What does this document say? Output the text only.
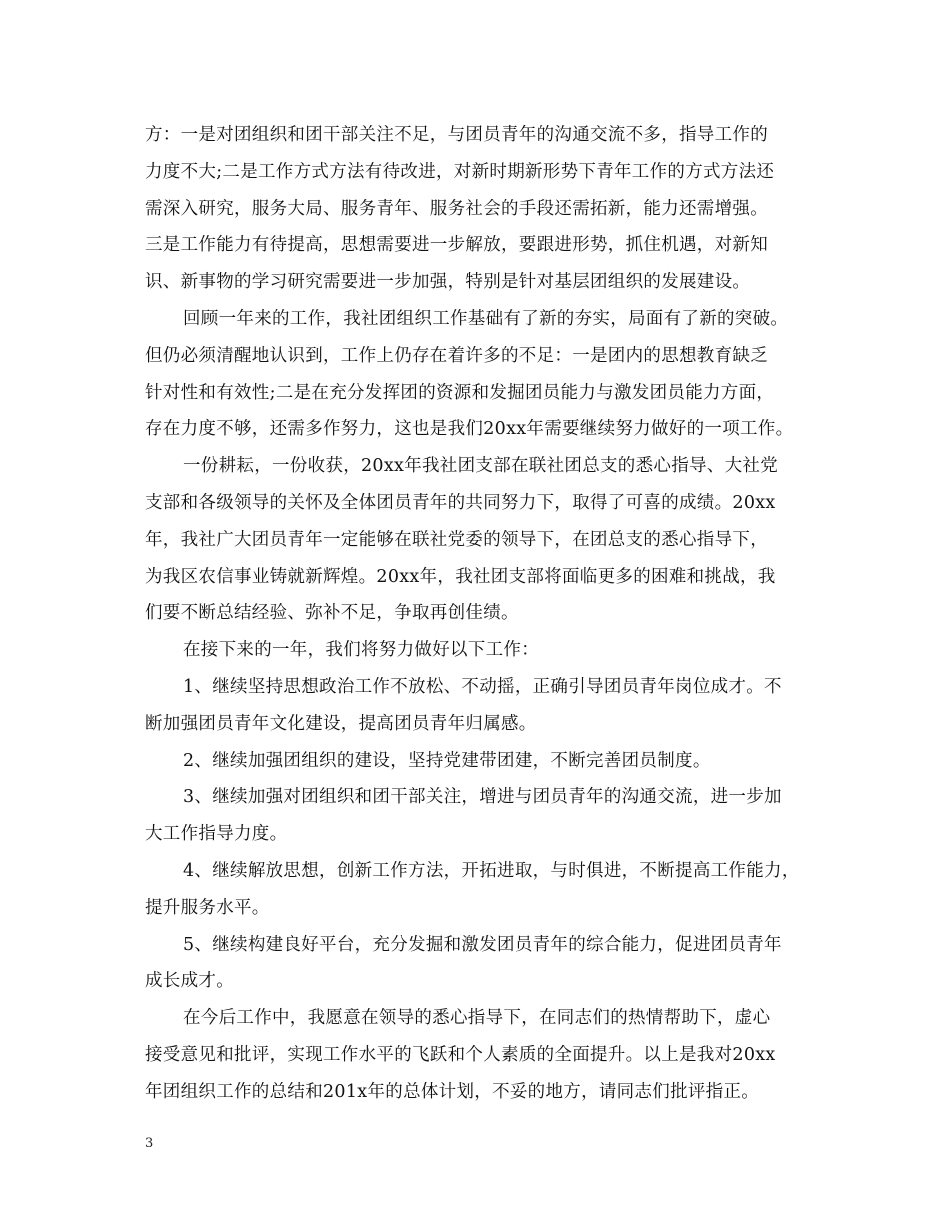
方：一是对团组织和团干部关注不足，与团员青年的沟通交流不多，指导工作的
力度不大;二是工作方式方法有待改进，对新时期新形势下青年工作的方式方法还
需深入研究，服务大局、服务青年、服务社会的手段还需拓新，能力还需增强。
三是工作能力有待提高，思想需要进一步解放，要跟进形势，抓住机遇，对新知
识、新事物的学习研究需要进一步加强，特别是针对基层团组织的发展建设。
回顾一年来的工作，我社团组织工作基础有了新的夯实，局面有了新的突破。
但仍必须清醒地认识到，工作上仍存在着许多的不足：一是团内的思想教育缺乏
针对性和有效性;二是在充分发挥团的资源和发掘团员能力与激发团员能力方面，
存在力度不够，还需多作努力，这也是我们20xx年需要继续努力做好的一项工作。
一份耕耘，一份收获，20xx年我社团支部在联社团总支的悉心指导、大社党
支部和各级领导的关怀及全体团员青年的共同努力下，取得了可喜的成绩。20xx
年，我社广大团员青年一定能够在联社党委的领导下，在团总支的悉心指导下，
为我区农信事业铸就新辉煌。20xx年，我社团支部将面临更多的困难和挑战，我
们要不断总结经验、弥补不足，争取再创佳绩。
在接下来的一年，我们将努力做好以下工作：
1、继续坚持思想政治工作不放松、不动摇，正确引导团员青年岗位成才。不
断加强团员青年文化建设，提高团员青年归属感。
2、继续加强团组织的建设，坚持党建带团建，不断完善团员制度。
3、继续加强对团组织和团干部关注，增进与团员青年的沟通交流，进一步加
大工作指导力度。
4、继续解放思想，创新工作方法，开拓进取，与时俱进，不断提高工作能力，
提升服务水平。
5、继续构建良好平台，充分发掘和激发团员青年的综合能力，促进团员青年
成长成才。
在今后工作中，我愿意在领导的悉心指导下，在同志们的热情帮助下，虚心
接受意见和批评，实现工作水平的飞跃和个人素质的全面提升。以上是我对20xx
年团组织工作的总结和201x年的总体计划，不妥的地方，请同志们批评指正。
3
